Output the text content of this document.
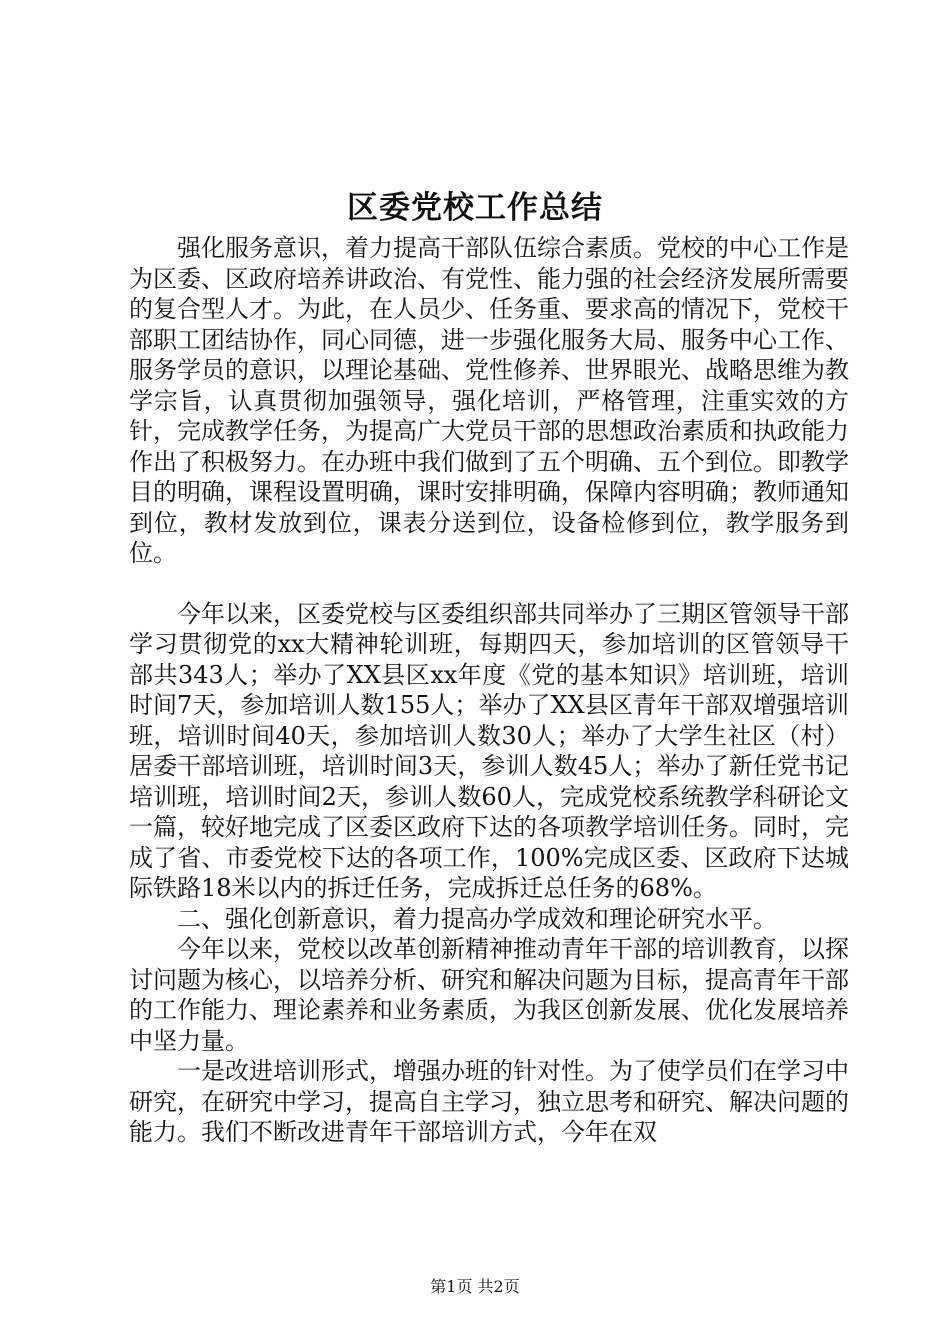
区委党校工作总结

强化服务意识，着力提高干部队伍综合素质。党校的中心工作是为区委、区政府培养讲政治、有党性、能力强的社会经济发展所需要的复合型人才。为此，在人员少、任务重、要求高的情况下，党校干部职工团结协作，同心同德，进一步强化服务大局、服务中心工作、服务学员的意识，以理论基础、党性修养、世界眼光、战略思维为教学宗旨，认真贯彻加强领导，强化培训，严格管理，注重实效的方针，完成教学任务，为提高广大党员干部的思想政治素质和执政能力作出了积极努力。在办班中我们做到了五个明确、五个到位。即教学目的明确，课程设置明确，课时安排明确，保障内容明确；教师通知到位，教材发放到位，课表分送到位，设备检修到位，教学服务到位。

今年以来，区委党校与区委组织部共同举办了三期区管领导干部学习贯彻党的xx大精神轮训班，每期四天，参加培训的区管领导干部共343人；举办了XX县区xx年度《党的基本知识》培训班，培训时间7天，参加培训人数155人；举办了XX县区青年干部双增强培训班，培训时间40天，参加培训人数30人；举办了大学生社区（村）居委干部培训班，培训时间3天，参训人数45人；举办了新任党书记培训班，培训时间2天，参训人数60人，完成党校系统教学科研论文一篇，较好地完成了区委区政府下达的各项教学培训任务。同时，完成了省、市委党校下达的各项工作，100%完成区委、区政府下达城际铁路18米以内的拆迁任务，完成拆迁总任务的68%。

二、强化创新意识，着力提高办学成效和理论研究水平。

今年以来，党校以改革创新精神推动青年干部的培训教育，以探讨问题为核心，以培养分析、研究和解决问题为目标，提高青年干部的工作能力、理论素养和业务素质，为我区创新发展、优化发展培养中坚力量。

一是改进培训形式，增强办班的针对性。为了使学员们在学习中研究，在研究中学习，提高自主学习，独立思考和研究、解决问题的能力。我们不断改进青年干部培训方式，今年在双

第1页 共2页
